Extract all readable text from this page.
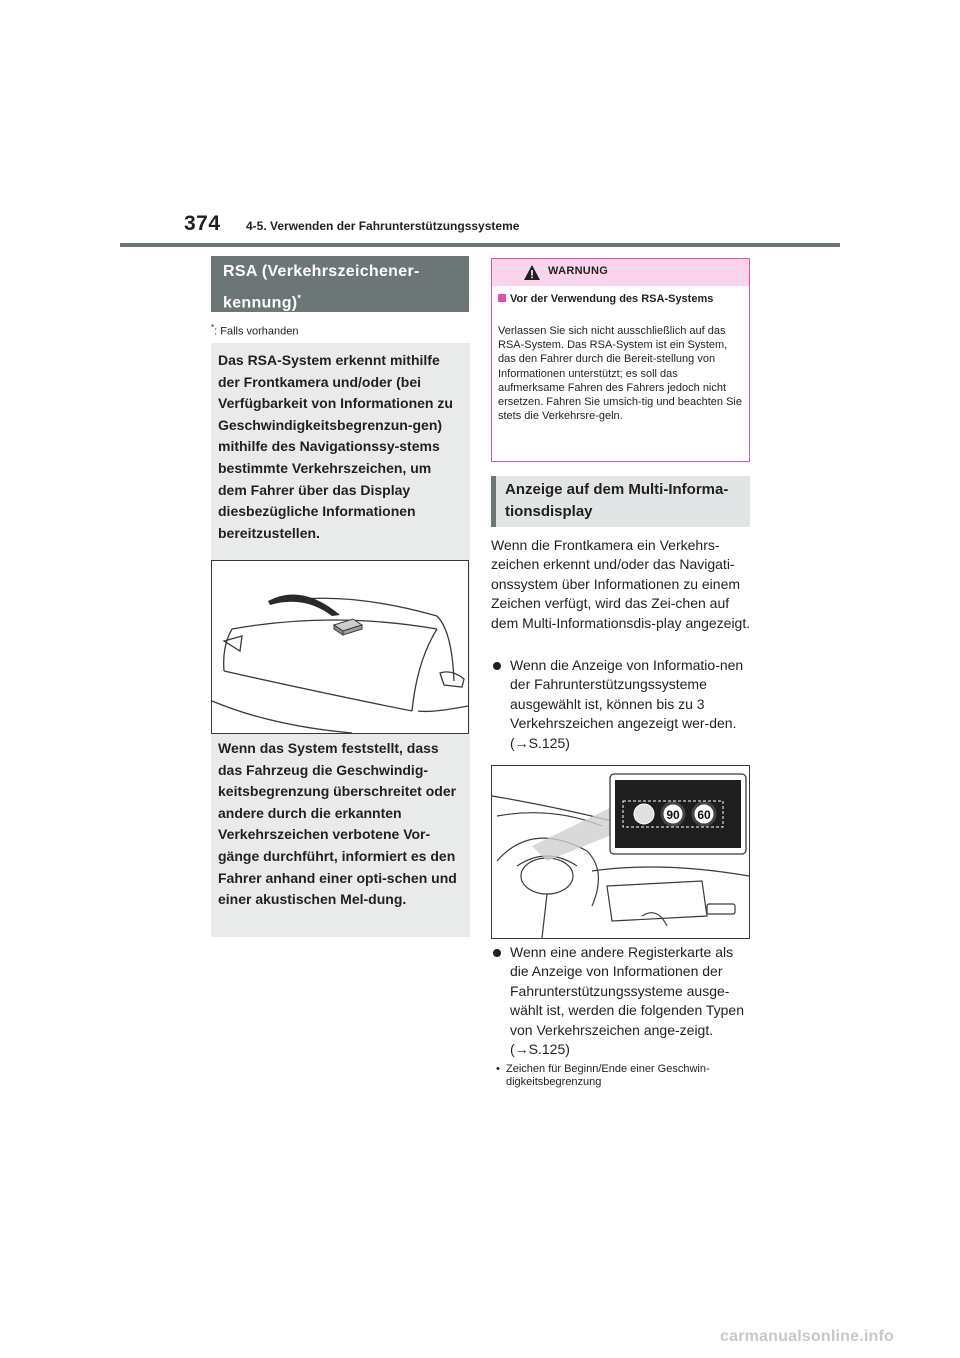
374 4-5. Verwenden der Fahrunterstützungssysteme
RSA (Verkehrszeichener-
kennung)*
*: Falls vorhanden
Das RSA-System erkennt mithilfe der Frontkamera und/oder (bei Verfügbarkeit von Informationen zu Geschwindigkeitsbegrenzun-gen) mithilfe des Navigationssy-stems bestimmte Verkehrszeichen, um dem Fahrer über das Display diesbezügliche Informationen bereitzustellen.
Wenn das System feststellt, dass das Fahrzeug die Geschwindig-keitsbegrenzung überschreitet oder andere durch die erkannten Verkehrszeichen verbotene Vor-gänge durchführt, informiert es den Fahrer anhand einer opti-schen und einer akustischen Mel-dung.
WARNUNG
Vor der Verwendung des RSA-Systems
Verlassen Sie sich nicht ausschließlich auf das RSA-System. Das RSA-System ist ein System, das den Fahrer durch die Bereit-stellung von Informationen unterstützt; es soll das aufmerksame Fahren des Fahrers jedoch nicht ersetzen. Fahren Sie umsich-tig und beachten Sie stets die Verkehrsre-geln.
Anzeige auf dem Multi-Informa-tionsdisplay
Wenn die Frontkamera ein Verkehrs-zeichen erkennt und/oder das Navigati-onssystem über Informationen zu einem Zeichen verfügt, wird das Zei-chen auf dem Multi-Informationsdis-play angezeigt.
Wenn die Anzeige von Informatio-nen der Fahrunterstützungssysteme ausgewählt ist, können bis zu 3 Verkehrszeichen angezeigt wer-den. (→S.125)
90 60
Wenn eine andere Registerkarte als die Anzeige von Informationen der Fahrunterstützungssysteme ausge-wählt ist, werden die folgenden Typen von Verkehrszeichen ange-zeigt. (→S.125)
• Zeichen für Beginn/Ende einer Geschwin-digkeitsbegrenzung
carmanualsonline.info
